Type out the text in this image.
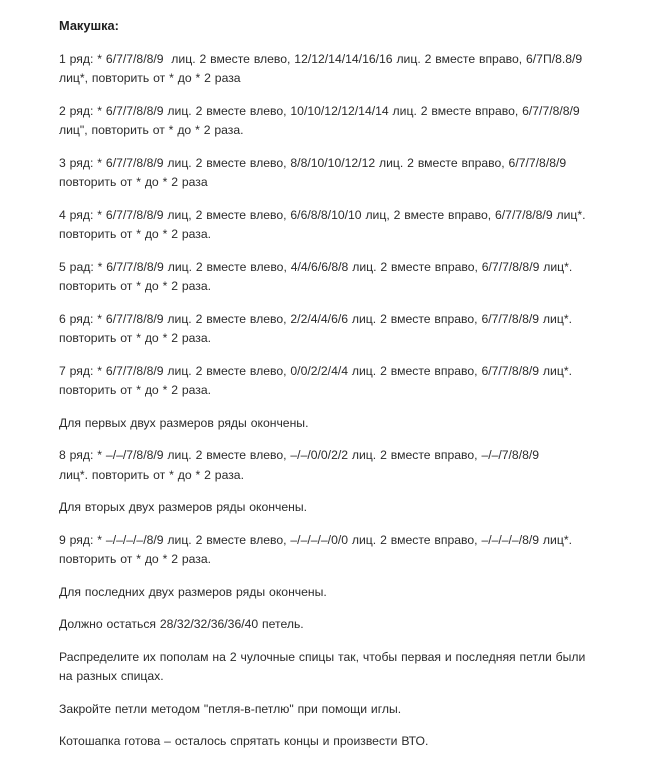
Макушка:
1 ряд: * 6/7/7/8/8/9  лиц. 2 вместе влево, 12/12/14/14/16/16 лиц. 2 вместе вправо, 6/7П/8.8/9
лиц*, повторить от * до * 2 раза
2 ряд: * 6/7/7/8/8/9 лиц. 2 вместе влево, 10/10/12/12/14/14 лиц. 2 вместе вправо, 6/7/7/8/8/9
лиц", повторить от * до * 2 раза.
3 ряд: * 6/7/7/8/8/9 лиц. 2 вместе влево, 8/8/10/10/12/12 лиц. 2 вместе вправо, 6/7/7/8/8/9
повторить от * до * 2 раза
4 ряд: * 6/7/7/8/8/9 лиц, 2 вместе влево, 6/6/8/8/10/10 лиц, 2 вместе вправо, 6/7/7/8/8/9 лиц*.
повторить от * до * 2 раза.
5 рад: * 6/7/7/8/8/9 лиц. 2 вместе влево, 4/4/6/6/8/8 лиц. 2 вместе вправо, 6/7/7/8/8/9 лиц*.
повторить от * до * 2 раза.
6 ряд: * 6/7/7/8/8/9 лиц. 2 вместе влево, 2/2/4/4/6/6 лиц. 2 вместе вправо, 6/7/7/8/8/9 лиц*.
повторить от * до * 2 раза.
7 ряд: * 6/7/7/8/8/9 лиц. 2 вместе влево, 0/0/2/2/4/4 лиц. 2 вместе вправо, 6/7/7/8/8/9 лиц*.
повторить от * до * 2 раза.
Для первых двух размеров ряды окончены.
8 ряд: * –/–/7/8/8/9 лиц. 2 вместе влево, –/–/0/0/2/2 лиц. 2 вместе вправо, –/–/7/8/8/9
лиц*. повторить от * до * 2 раза.
Для вторых двух размеров ряды окончены.
9 ряд: * –/–/–/–/8/9 лиц. 2 вместе влево, –/–/–/–/0/0 лиц. 2 вместе вправо, –/–/–/–/8/9 лиц*.
повторить от * до * 2 раза.
Для последних двух размеров ряды окончены.
Должно остаться 28/32/32/36/36/40 петель.
Распределите их пополам на 2 чулочные спицы так, чтобы первая и последняя петли были
на разных спицах.
Закройте петли методом "петля-в-петлю" при помощи иглы.
Котошапка готова – осталось спрятать концы и произвести ВТО.
